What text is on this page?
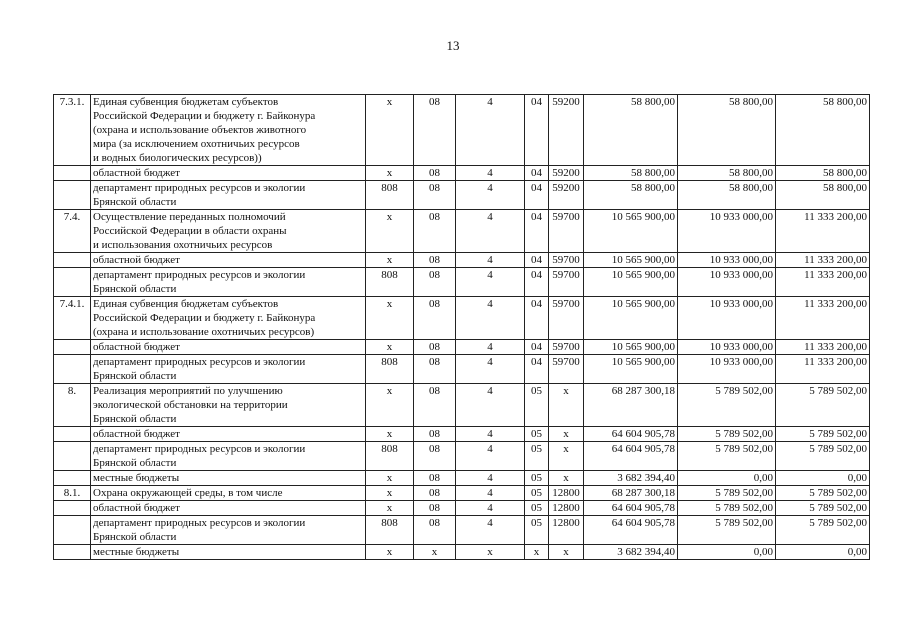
13
7.3.1.	Единая субвенция бюджетам субъектов
Российской Федерации и бюджету г. Байконура
(охрана и использование объектов животного
мира (за исключением охотничьих ресурсов
и водных биологических ресурсов))	x	08	4	04	59200	58 800,00	58 800,00	58 800,00

	областной бюджет	x	08	4	04	59200	58 800,00	58 800,00	58 800,00

	департамент природных ресурсов и экологии
Брянской области	808	08	4	04	59200	58 800,00	58 800,00	58 800,00
7.4.	Осуществление переданных полномочий
Российской Федерации в области охраны
и использования охотничьих ресурсов	x	08	4	04	59700	10 565 900,00	10 933 000,00	11 333 200,00

	областной бюджет	x	08	4	04	59700	10 565 900,00	10 933 000,00	11 333 200,00

	департамент природных ресурсов и экологии
Брянской области	808	08	4	04	59700	10 565 900,00	10 933 000,00	11 333 200,00
7.4.1.	Единая субвенция бюджетам субъектов
Российской Федерации и бюджету г. Байконура
(охрана и использование охотничьих ресурсов)	x	08	4	04	59700	10 565 900,00	10 933 000,00	11 333 200,00

	областной бюджет	x	08	4	04	59700	10 565 900,00	10 933 000,00	11 333 200,00

	департамент природных ресурсов и экологии
Брянской области	808	08	4	04	59700	10 565 900,00	10 933 000,00	11 333 200,00
8.	Реализация мероприятий по улучшению
экологической обстановки на территории
Брянской области	x	08	4	05	x	68 287 300,18	5 789 502,00	5 789 502,00

	областной бюджет	x	08	4	05	x	64 604 905,78	5 789 502,00	5 789 502,00

	департамент природных ресурсов и экологии
Брянской области	808	08	4	05	x	64 604 905,78	5 789 502,00	5 789 502,00

	местные бюджеты	x	08	4	05	x	3 682 394,40	0,00	0,00
8.1.	Охрана окружающей среды, в том числе	x	08	4	05	12800	68 287 300,18	5 789 502,00	5 789 502,00

	областной бюджет	x	08	4	05	12800	64 604 905,78	5 789 502,00	5 789 502,00

	департамент природных ресурсов и экологии
Брянской области	808	08	4	05	12800	64 604 905,78	5 789 502,00	5 789 502,00

	местные бюджеты	x	x	x	x	x	3 682 394,40	0,00	0,00
